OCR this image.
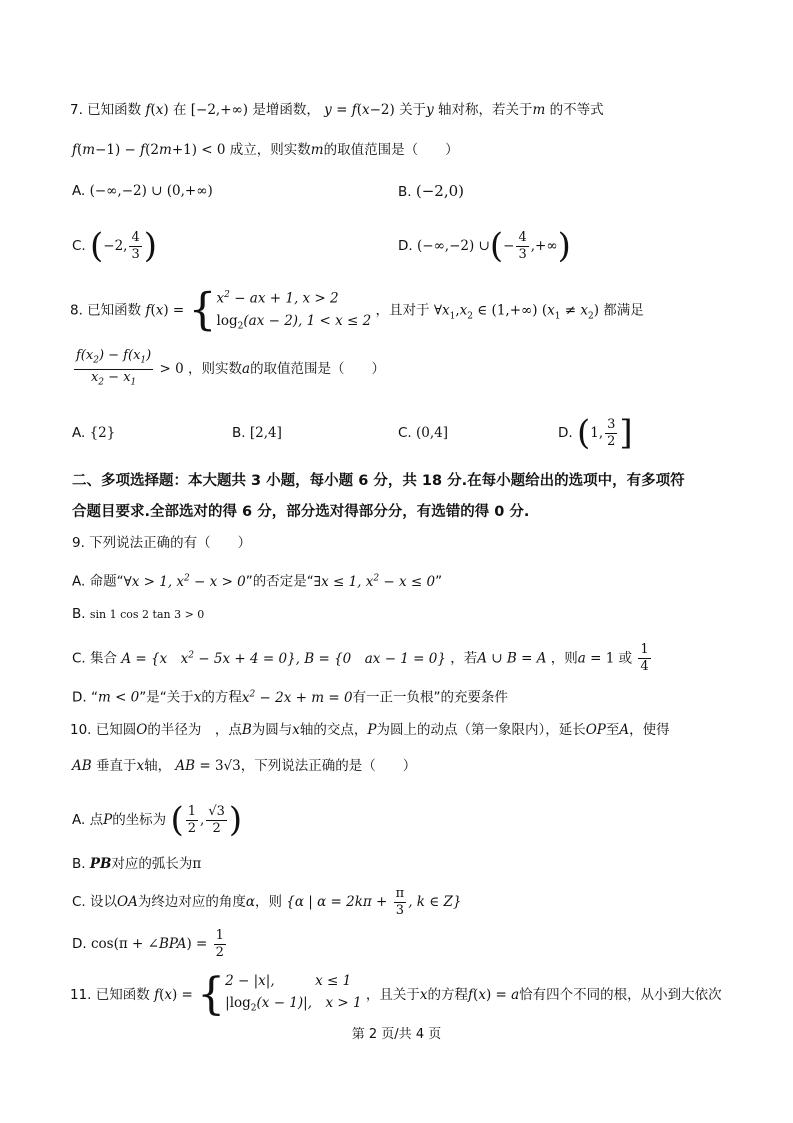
7. 已知函数 f(x) 在 [−2,+∞) 是增函数， y = f(x−2) 关于y 轴对称，若关于m 的不等式
f(m−1) − f(2m+1) < 0 成立，则实数m的取值范围是（　　）
A. (−∞,−2) ∪ (0,+∞)	B. (−2,0)
C. (−2, $\frac{4}{3}$ )	D. (−∞,−2) ∪(− $\frac{4}{3}$ ,+∞)
8. 已知函数 f(x) = { $x^2$ − ax + 1, x > 2
$\log_2(ax - 2)$, 1 < x ≤ 2
，且对于 $\forall x_1,x_2$ ∈ (1,+∞) $(x_1 \ne x_2)$ 都满足
$\frac{f(x_2) - f(x_1)}{x_2 - x_1} > 0$ ，则实数a的取值范围是（　　）
A. {2}	B. [2,4]	C. (0,4]	D. (1, $\frac{3}{2}$ ]
二、多项选择题：本大题共 3 小题，每小题 6 分，共 18 分.在每小题给出的选项中，有多项符
合题目要求.全部选对的得 6 分，部分选对得部分分，有选错的得 0 分.
9. 下列说法正确的有（　　）
A. 命题“∀x > 1, $x^2 - x > 0$”的否定是“∃x ≤ 1, $x^2 - x \le 0$”
B. sin 1 cos 2 tan 3 > 0
C. 集合 A = {x　$x^2 - 5x + 4 = 0$}, B = {0　ax − 1 = 0} ，若A ∪ B = A ，则a = 1 或 $\frac{1}{4}$
D. “m < 0”是“关于x的方程$x^2 - 2x + m = 0$有一正一负根”的充要条件
10. 已知圆O的半径为　，点B为圆与x轴的交点，P为圆上的动点（第一象限内），延长OP至A，使得
AB 垂直于x轴， AB = 3√3，下列说法正确的是（　　）
A. 点P的坐标为 ( $\frac{1}{2}$ , $\frac{√3}{2}$ )
B. PB对应的弧长为π
C. 设以OA为终边对应的角度α，则 {α | $\alpha = 2k\pi + \frac{\pi}{3}$ , k ∈ Z}
D. cos(π + ∠BPA) = $\frac{1}{2}$
11. 已知函数 f(x) = { 2 − |x|,　　　x ≤ 1
$|\log_2(x - 1)|$,　x > 1
，且关于x的方程f(x) = a恰有四个不同的根，从小到大依次
第 2 页/共 4 页
